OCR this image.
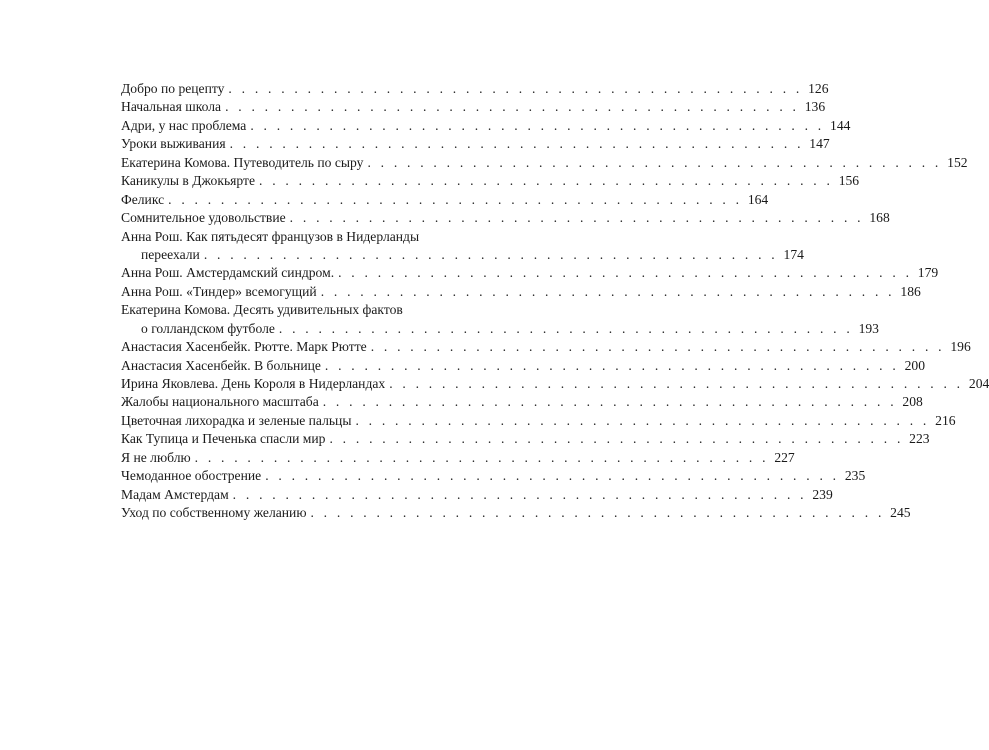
Добро по рецепту . . . . . . . . . . . . . . . . . . . . . . . . . . . . . . . . . . . . . . . . . . . . 126
Начальная школа . . . . . . . . . . . . . . . . . . . . . . . . . . . . . . . . . . . . . . . . . . . . 136
Адри, у нас проблема . . . . . . . . . . . . . . . . . . . . . . . . . . . . . . . . . . . . . . . . . . . . 144
Уроки выживания . . . . . . . . . . . . . . . . . . . . . . . . . . . . . . . . . . . . . . . . . . . . 147
Екатерина Комова. Путеводитель по сыру . . . . . . . . . . . . . . . . . . . . . . . . . . . . . . . . . . . . . . . . . . . . 152
Каникулы в Джокьярте . . . . . . . . . . . . . . . . . . . . . . . . . . . . . . . . . . . . . . . . . . . . 156
Феликс . . . . . . . . . . . . . . . . . . . . . . . . . . . . . . . . . . . . . . . . . . . . 164
Сомнительное удовольствие . . . . . . . . . . . . . . . . . . . . . . . . . . . . . . . . . . . . . . . . . . . . 168
Анна Рош. Как пятьдесят французов в Нидерланды
переехали . . . . . . . . . . . . . . . . . . . . . . . . . . . . . . . . . . . . . . . . . . . . 174
Анна Рош. Амстердамский синдром. . . . . . . . . . . . . . . . . . . . . . . . . . . . . . . . . . . . . . . . . . . . . 179
Анна Рош. «Тиндер» всемогущий . . . . . . . . . . . . . . . . . . . . . . . . . . . . . . . . . . . . . . . . . . . . 186
Екатерина Комова. Десять удивительных фактов
о голландском футболе . . . . . . . . . . . . . . . . . . . . . . . . . . . . . . . . . . . . . . . . . . . . 193
Анастасия Хасенбейк. Рютте. Марк Рютте . . . . . . . . . . . . . . . . . . . . . . . . . . . . . . . . . . . . . . . . . . . . 196
Анастасия Хасенбейк. В больнице . . . . . . . . . . . . . . . . . . . . . . . . . . . . . . . . . . . . . . . . . . . . 200
Ирина Яковлева. День Короля в Нидерландах . . . . . . . . . . . . . . . . . . . . . . . . . . . . . . . . . . . . . . . . . . . . 204
Жалобы национального масштаба . . . . . . . . . . . . . . . . . . . . . . . . . . . . . . . . . . . . . . . . . . . . 208
Цветочная лихорадка и зеленые пальцы . . . . . . . . . . . . . . . . . . . . . . . . . . . . . . . . . . . . . . . . . . . . 216
Как Тупица и Печенька спасли мир . . . . . . . . . . . . . . . . . . . . . . . . . . . . . . . . . . . . . . . . . . . . 223
Я не люблю . . . . . . . . . . . . . . . . . . . . . . . . . . . . . . . . . . . . . . . . . . . . 227
Чемоданное обострение . . . . . . . . . . . . . . . . . . . . . . . . . . . . . . . . . . . . . . . . . . . . 235
Мадам Амстердам . . . . . . . . . . . . . . . . . . . . . . . . . . . . . . . . . . . . . . . . . . . . 239
Уход по собственному желанию . . . . . . . . . . . . . . . . . . . . . . . . . . . . . . . . . . . . . . . . . . . . 245
